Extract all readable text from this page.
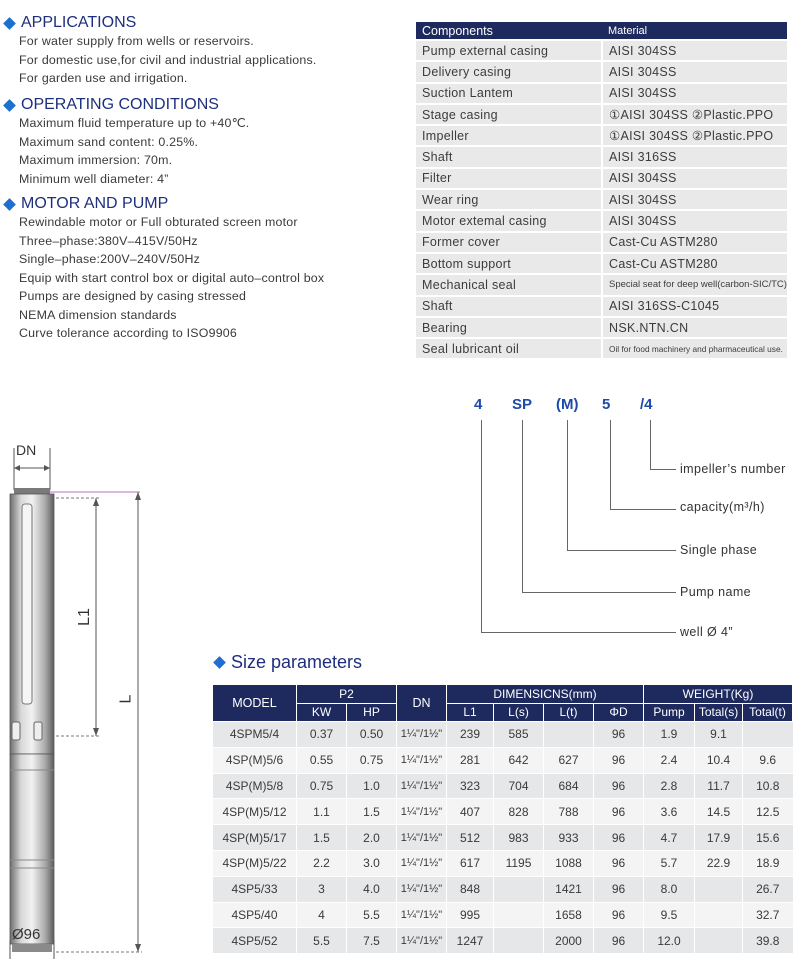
APPLICATIONS
For water supply from wells or reservoirs.
For domestic use,for civil and industrial applications.
For garden use and irrigation.
OPERATING CONDITIONS
Maximum fluid temperature up to +40℃.
Maximum sand content: 0.25%.
Maximum immersion: 70m.
Minimum well diameter: 4”
MOTOR AND PUMP
Rewindable motor or Full obturated screen motor
Three–phase:380V–415V/50Hz
Single–phase:200V–240V/50Hz
Equip with start control box or digital auto–control box
Pumps are designed by casing stressed
NEMA dimension standards
Curve tolerance according to ISO9906
Components	Material
Pump external casing	AISI 304SS
Delivery casing	AISI 304SS
Suction Lantem	AISI 304SS
Stage casing	①AISI 304SS ②Plastic.PPO
Impeller	①AISI 304SS ②Plastic.PPO
Shaft	AISI 316SS
Filter	AISI 304SS
Wear ring	AISI 304SS
Motor extemal casing	AISI 304SS
Former cover	Cast-Cu ASTM280
Bottom support	Cast-Cu ASTM280
Mechanical seal	Special seat for deep well(carbon-SIC/TC)
Shaft	AISI 316SS-C1045
Bearing	NSK.NTN.CN
Seal lubricant oil	Oil for food machinery and pharmaceutical use.
4 SP (M) 5 /4
impeller’s number
capacity(m³/h)
Single phase
Pump name
well Ø 4”
DN
L1
L
Ø96
Size parameters
MODEL	P2		DN	DIMENSICNS(mm)				WEIGHT(Kg)		
	KW	HP		L1	L(s)	L(t)	ΦD	Pump	Total(s)	Total(t)
4SPM5/4	0.37	0.50	1¼"/1½"	239	585		96	1.9	9.1	
4SP(M)5/6	0.55	0.75	1¼"/1½"	281	642	627	96	2.4	10.4	9.6
4SP(M)5/8	0.75	1.0	1¼"/1½"	323	704	684	96	2.8	11.7	10.8
4SP(M)5/12	1.1	1.5	1¼"/1½"	407	828	788	96	3.6	14.5	12.5
4SP(M)5/17	1.5	2.0	1¼"/1½"	512	983	933	96	4.7	17.9	15.6
4SP(M)5/22	2.2	3.0	1¼"/1½"	617	1195	1088	96	5.7	22.9	18.9
4SP5/33	3	4.0	1¼"/1½"	848		1421	96	8.0		26.7
4SP5/40	4	5.5	1¼"/1½"	995		1658	96	9.5		32.7
4SP5/52	5.5	7.5	1¼"/1½"	1247		2000	96	12.0		39.8
